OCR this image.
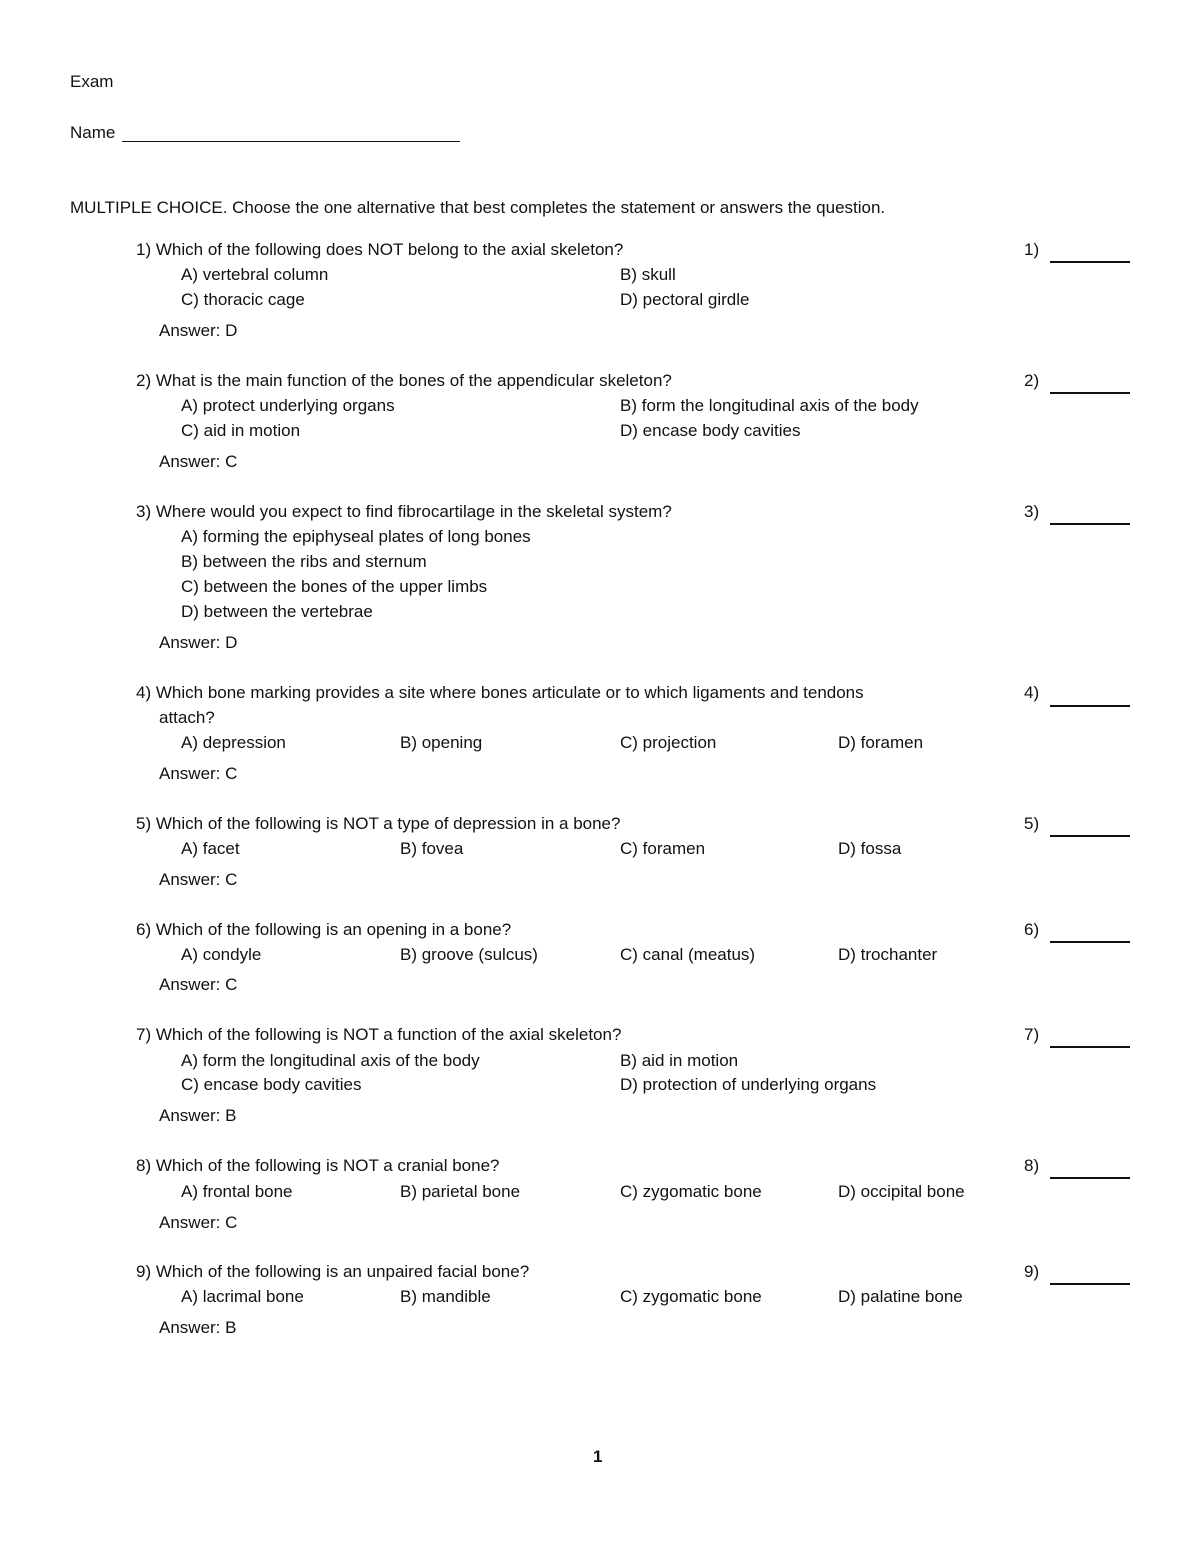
Exam
Name
MULTIPLE CHOICE. Choose the one alternative that best completes the statement or answers the question.
1) Which of the following does NOT belong to the axial skeleton?
A) vertebral column	B) skull
C) thoracic cage	D) pectoral girdle
Answer: D
1)
2) What is the main function of the bones of the appendicular skeleton?
A) protect underlying organs	B) form the longitudinal axis of the body
C) aid in motion	D) encase body cavities
Answer: C
2)
3) Where would you expect to find fibrocartilage in the skeletal system?
A) forming the epiphyseal plates of long bones
B) between the ribs and sternum
C) between the bones of the upper limbs
D) between the vertebrae
Answer: D
3)
4) Which bone marking provides a site where bones articulate or to which ligaments and tendons
attach?
A) depression	B) opening	C) projection	D) foramen
Answer: C
4)
5) Which of the following is NOT a type of depression in a bone?
A) facet	B) fovea	C) foramen	D) fossa
Answer: C
5)
6) Which of the following is an opening in a bone?
A) condyle	B) groove (sulcus)	C) canal (meatus)	D) trochanter
Answer: C
6)
7) Which of the following is NOT a function of the axial skeleton?
A) form the longitudinal axis of the body	B) aid in motion
C) encase body cavities	D) protection of underlying organs
Answer: B
7)
8) Which of the following is NOT a cranial bone?
A) frontal bone	B) parietal bone	C) zygomatic bone	D) occipital bone
Answer: C
8)
9) Which of the following is an unpaired facial bone?
A) lacrimal bone	B) mandible	C) zygomatic bone	D) palatine bone
Answer: B
9)
1
